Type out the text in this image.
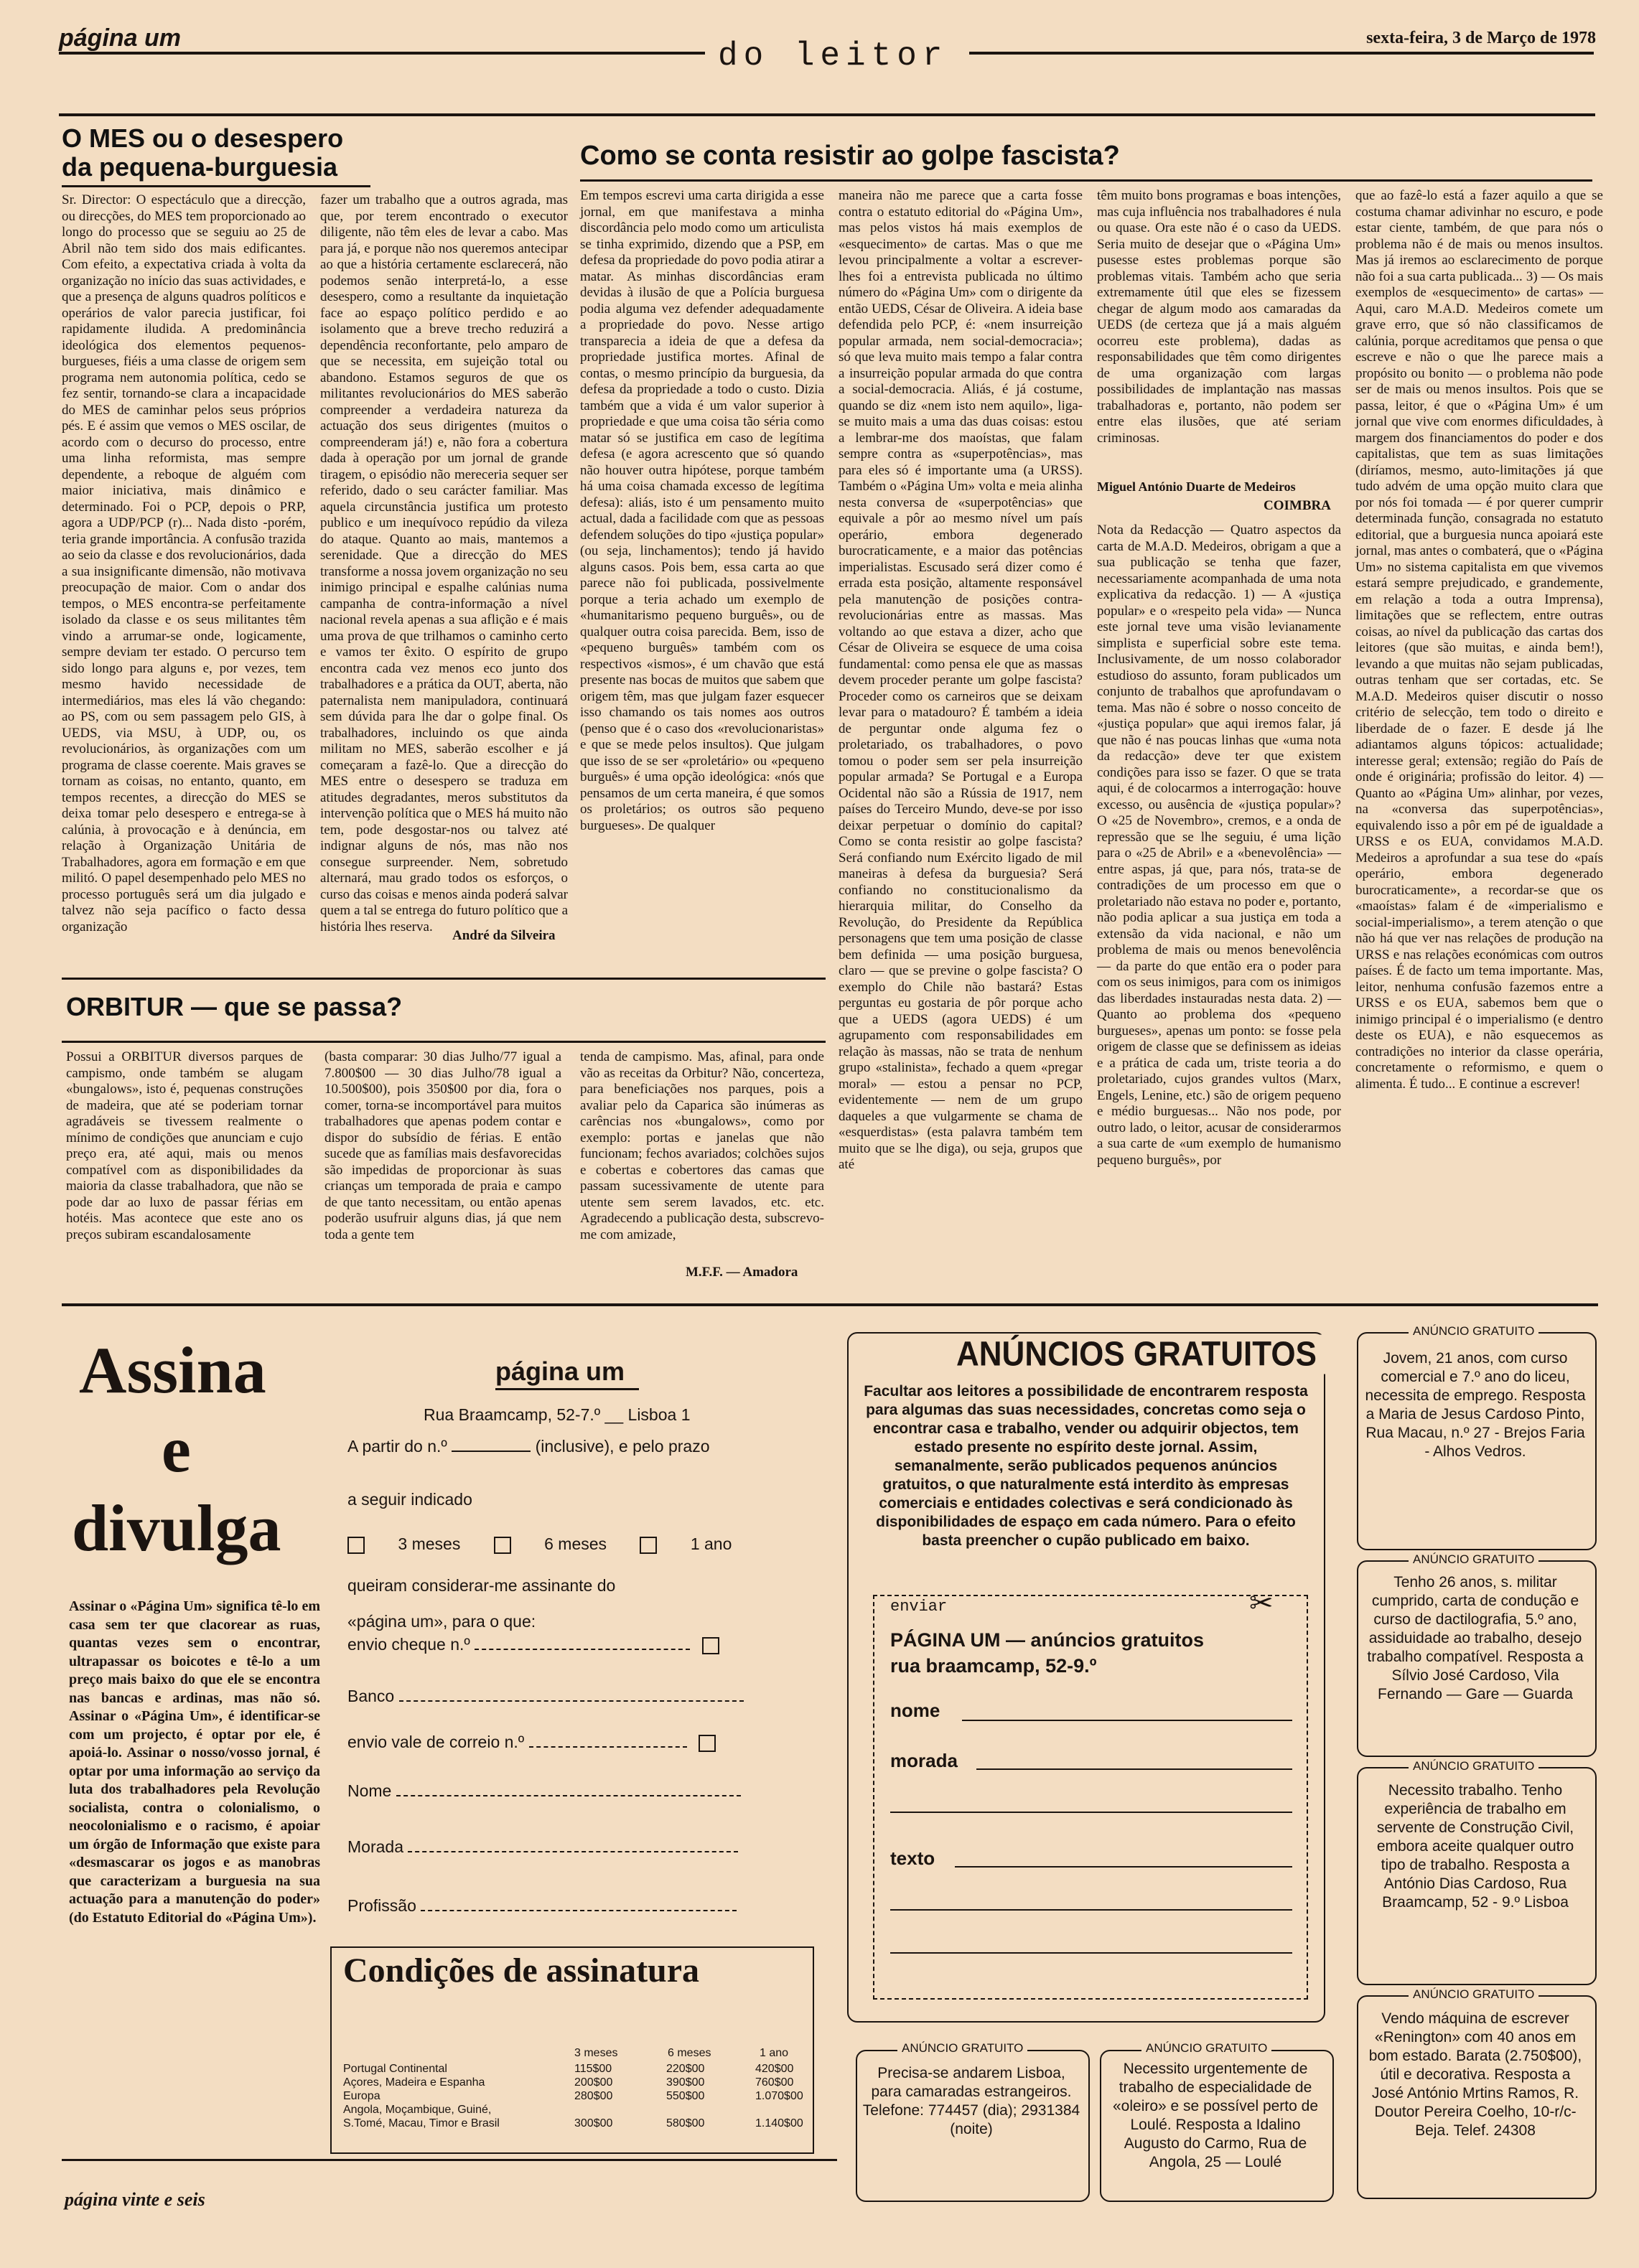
página um	do leitor	sexta-feira, 3 de Março de 1978
O MES ou o desespero
da pequena-burguesia

Sr. Director: O espectáculo que a direcção, ou direcções, do MES tem proporcionado ao longo do processo que se seguiu ao 25 de Abril não tem sido dos mais edificantes. Com efeito, a expectativa criada à volta da organização no início das suas actividades, e que a presença de alguns quadros políticos e operários de valor parecia justificar, foi rapidamente iludida. A predominância ideológica dos elementos pequenos-burgueses, fiéis a uma classe de origem sem programa nem autonomia política, cedo se fez sentir, tornando-se clara a incapacidade do MES de caminhar pelos seus próprios pés. E é assim que vemos o MES oscilar, de acordo com o decurso do processo, entre uma linha reformista, mas sempre dependente, a reboque de alguém com maior iniciativa, mais dinâmico e determinado. Foi o PCP, depois o PRP, agora a UDP/PCP (r)... Nada disto -porém, teria grande importância. A confusão trazida ao seio da classe e dos revolucionários, dada a sua insignificante dimensão, não motivava preocupação de maior. Com o andar dos tempos, o MES encontra-se perfeitamente isolado da classe e os seus militantes têm vindo a arrumar-se onde, logicamente, sempre deviam ter estado. O percurso tem sido longo para alguns e, por vezes, tem mesmo havido necessidade de intermediários, mas eles lá vão chegando: ao PS, com ou sem passagem pelo GIS, à UEDS, via MSU, à UDP, ou, os revolucionários, às organizações com um programa de classe coerente. Mais graves se tornam as coisas, no entanto, quanto, em tempos recentes, a direcção do MES se deixa tomar pelo desespero e entrega-se à calúnia, à provocação e à denúncia, em relação à Organização Unitária de Trabalhadores, agora em formação e em que militó. O papel desempenhado pelo MES no processo português será um dia julgado e talvez não seja pacífico o facto dessa organização

fazer um trabalho que a outros agrada, mas que, por terem encontrado o executor diligente, não têm eles de levar a cabo. Mas para já, e porque não nos queremos antecipar ao que a história certamente esclarecerá, não podemos senão interpretá-lo, a esse desespero, como a resultante da inquietação face ao espaço político perdido e ao isolamento que a breve trecho reduzirá a dependência reconfortante, pelo amparo de que se necessita, em sujeição total ou abandono. Estamos seguros de que os militantes revolucionários do MES saberão compreender a verdadeira natureza da actuação dos seus dirigentes (muitos o compreenderam já!) e, não fora a cobertura dada à operação por um jornal de grande tiragem, o episódio não mereceria sequer ser referido, dado o seu carácter familiar. Mas aquela circunstância justifica um protesto publico e um inequívoco repúdio da vileza do ataque. Quanto ao mais, mantemos a serenidade. Que a direcção do MES transforme a nossa jovem organização no seu inimigo principal e espalhe calúnias numa campanha de contra-informação a nível nacional revela apenas a sua aflição e é mais uma prova de que trilhamos o caminho certo e vamos ter êxito. O espírito de grupo encontra cada vez menos eco junto dos trabalhadores e a prática da OUT, aberta, não paternalista nem manipuladora, continuará sem dúvida para lhe dar o golpe final. Os trabalhadores, incluindo os que ainda militam no MES, saberão escolher e já começaram a fazê-lo. Que a direcção do MES entre o desespero se traduza em atitudes degradantes, meros substitutos da intervenção política que o MES há muito não tem, pode desgostar-nos ou talvez até indignar alguns de nós, mas não nos consegue surpreender. Nem, sobretudo alternará, mau grado todos os esforços, o curso das coisas e menos ainda poderá salvar quem a tal se entrega do futuro político que a história lhes reserva.

André da Silveira
Como se conta resistir ao golpe fascista?

Em tempos escrevi uma carta dirigida a esse jornal, em que manifestava a minha discordância pelo modo como um articulista se tinha exprimido, dizendo que a PSP, em defesa da propriedade do povo podia atirar a matar. As minhas discordâncias eram devidas à ilusão de que a Polícia burguesa podia alguma vez defender adequadamente a propriedade do povo. Nesse artigo transparecia a ideia de que a defesa da propriedade justifica mortes. Afinal de contas, o mesmo princípio da burguesia, da defesa da propriedade a todo o custo. Dizia também que a vida é um valor superior à propriedade e que uma coisa tão séria como matar só se justifica em caso de legítima defesa (e agora acrescento que só quando não houver outra hipótese, porque também há uma coisa chamada excesso de legítima defesa): aliás, isto é um pensamento muito actual, dada a facilidade com que as pessoas defendem soluções do tipo «justiça popular» (ou seja, linchamentos); tendo já havido alguns casos. Pois bem, essa carta ao que parece não foi publicada, possivelmente porque a teria achado um exemplo de «humanitarismo pequeno burguês», ou de qualquer outra coisa parecida. Bem, isso de «pequeno burguês» também com os respectivos «ismos», é um chavão que está presente nas bocas de muitos que sabem que origem têm, mas que julgam fazer esquecer isso chamando os tais nomes aos outros (penso que é o caso dos «revolucionaristas» e que se mede pelos insultos). Que julgam que isso de se ser «proletário» ou «pequeno burguês» é uma opção ideológica: «nós que pensamos de um certa maneira, é que somos os proletários; os outros são pequeno burgueses». De qualquer

maneira não me parece que a carta fosse contra o estatuto editorial do «Página Um», mas pelos vistos há mais exemplos de «esquecimento» de cartas. Mas o que me levou principalmente a voltar a escrever-lhes foi a entrevista publicada no último número do «Página Um» com o dirigente da então UEDS, César de Oliveira. A ideia base defendida pelo PCP, é: «nem insurreição popular armada, nem social-democracia»; só que leva muito mais tempo a falar contra a insurreição popular armada do que contra a social-democracia. Aliás, é já costume, quando se diz «nem isto nem aquilo», liga-se muito mais a uma das duas coisas: estou a lembrar-me dos maoístas, que falam sempre contra as «superpotências», mas para eles só é importante uma (a URSS). Também o «Página Um» volta e meia alinha nesta conversa de «superpotências» que equivale a pôr ao mesmo nível um país operário, embora degenerado burocraticamente, e a maior das potências imperialistas. Escusado será dizer como é errada esta posição, altamente responsável pela manutenção de posições contra-revolucionárias entre as massas. Mas voltando ao que estava a dizer, acho que César de Oliveira se esquece de uma coisa fundamental: como pensa ele que as massas devem proceder perante um golpe fascista? Proceder como os carneiros que se deixam levar para o matadouro? É também a ideia de perguntar onde alguma fez o proletariado, os trabalhadores, o povo tomou o poder sem ser pela insurreição popular armada? Se Portugal e a Europa Ocidental não são a Rússia de 1917, nem países do Terceiro Mundo, deve-se por isso deixar perpetuar o domínio do capital? Como se conta resistir ao golpe fascista? Será confiando num Exército ligado de mil maneiras à defesa da burguesia? Será confiando no constitucionalismo da hierarquia militar, do Conselho da Revolução, do Presidente da República personagens que tem uma posição de classe bem definida — uma posição burguesa, claro — que se previne o golpe fascista? O exemplo do Chile não bastará? Estas perguntas eu gostaria de pôr porque acho que a UEDS (agora UEDS) é um agrupamento com responsabilidades em relação às massas, não se trata de nenhum grupo «stalinista», fechado a quem «pregar moral» — estou a pensar no PCP, evidentemente — nem de um grupo daqueles a que vulgarmente se chama de «esquerdistas» (esta palavra também tem muito que se lhe diga), ou seja, grupos que até

têm muito bons programas e boas intenções, mas cuja influência nos trabalhadores é nula ou quase. Ora este não é o caso da UEDS. Seria muito de desejar que o «Página Um» pusesse estes problemas porque são problemas vitais. Também acho que seria extremamente útil que eles se fizessem chegar de algum modo aos camaradas da UEDS (de certeza que já a mais alguém ocorreu este problema), dadas as responsabilidades que têm como dirigentes de uma organização com largas possibilidades de implantação nas massas trabalhadoras e, portanto, não podem ser entre elas ilusões, que até seriam criminosas.

Miguel António Duarte de Medeiros
COIMBRA

Nota da Redacção — Quatro aspectos da carta de M.A.D. Medeiros, obrigam a que a sua publicação se tenha que fazer, necessariamente acompanhada de uma nota explicativa da redacção. 1) — A «justiça popular» e o «respeito pela vida» — Nunca este jornal teve uma visão levianamente simplista e superficial sobre este tema. Inclusivamente, de um nosso colaborador estudioso do assunto, foram publicados um conjunto de trabalhos que aprofundavam o tema. Mas não é sobre o nosso conceito de «justiça popular» que aqui iremos falar, já que não é nas poucas linhas que «uma nota da redacção» deve ter que existem condições para isso se fazer. O que se trata aqui, é de colocarmos a interrogação: houve excesso, ou ausência de «justiça popular»? O «25 de Novembro», cremos, e a onda de repressão que se lhe seguiu, é uma lição para o «25 de Abril» e a «benevolência» — entre aspas, já que, para nós, trata-se de contradições de um processo em que o proletariado não estava no poder e, portanto, não podia aplicar a sua justiça em toda a extensão da vida nacional, e não um problema de mais ou menos benevolência — da parte do que então era o poder para com os seus inimigos, para com os inimigos das liberdades instauradas nesta data. 2) — Quanto ao problema dos «pequeno burgueses», apenas um ponto: se fosse pela origem de classe que se definissem as ideias e a prática de cada um, triste teoria a do proletariado, cujos grandes vultos (Marx, Engels, Lenine, etc.) são de origem pequeno e médio burguesas... Não nos pode, por outro lado, o leitor, acusar de considerarmos a sua carte de «um exemplo de humanismo pequeno burguês», por

que ao fazê-lo está a fazer aquilo a que se costuma chamar adivinhar no escuro, e pode estar ciente, também, de que para nós o problema não é de mais ou menos insultos. Mas já iremos ao esclarecimento de porque não foi a sua carta publicada... 3) — Os mais exemplos de «esquecimento» de cartas» — Aqui, caro M.A.D. Medeiros comete um grave erro, que só não classificamos de calúnia, porque acreditamos que pensa o que escreve e não o que lhe parece mais a propósito ou bonito — o problema não pode ser de mais ou menos insultos. Pois que se passa, leitor, é que o «Página Um» é um jornal que vive com enormes dificuldades, à margem dos financiamentos do poder e dos capitalistas, que tem as suas limitações (diríamos, mesmo, auto-limitações já que tudo advém de uma opção muito clara que por nós foi tomada — é por querer cumprir determinada função, consagrada no estatuto editorial, que a burguesia nunca apoiará este jornal, mas antes o combaterá, que o «Página Um» no sistema capitalista em que vivemos estará sempre prejudicado, e grandemente, em relação a toda a outra Imprensa), limitações que se reflectem, entre outras coisas, ao nível da publicação das cartas dos leitores (que são muitas, e ainda bem!), levando a que muitas não sejam publicadas, outras tenham que ser cortadas, etc. Se M.A.D. Medeiros quiser discutir o nosso critério de selecção, tem todo o direito e liberdade de o fazer. E desde já lhe adiantamos alguns tópicos: actualidade; interesse geral; extensão; região do País de onde é originária; profissão do leitor. 4) — Quanto ao «Página Um» alinhar, por vezes, na «conversa das superpotências», equivalendo isso a pôr em pé de igualdade a URSS e os EUA, convidamos M.A.D. Medeiros a aprofundar a sua tese do «país operário, embora degenerado burocraticamente», a recordar-se que os «maoístas» falam é de «imperialismo e social-imperialismo», a terem atenção o que não há que ver nas relações de produção na URSS e nas relações económicas com outros países. É de facto um tema importante. Mas, leitor, nenhuma confusão fazemos entre a URSS e os EUA, sabemos bem que o inimigo principal é o imperialismo (e dentro deste os EUA), e não esquecemos as contradições no interior da classe operária, concretamente o reformismo, e quem o alimenta. É tudo... E continue a escrever!

ORBITUR — que se passa?

Possui a ORBITUR diversos parques de campismo, onde também se alugam «bungalows», isto é, pequenas construções de madeira, que até se poderiam tornar agradáveis se tivessem realmente o mínimo de condições que anunciam e cujo preço era, até aqui, mais ou menos compatível com as disponibilidades da maioria da classe trabalhadora, que não se pode dar ao luxo de passar férias em hotéis. Mas acontece que este ano os preços subiram escandalosamente

(basta comparar: 30 dias Julho/77 igual a 7.800$00 — 30 dias Julho/78 igual a 10.500$00), pois 350$00 por dia, fora o comer, torna-se incomportável para muitos trabalhadores que apenas podem contar e dispor do subsídio de férias. E então sucede que as famílias mais desfavorecidas são impedidas de proporcionar às suas crianças um temporada de praia e campo de que tanto necessitam, ou então apenas poderão usufruir alguns dias, já que nem toda a gente tem

tenda de campismo. Mas, afinal, para onde vão as receitas da Orbitur? Não, concerteza, para beneficiações nos parques, pois a avaliar pelo da Caparica são inúmeras as carências nos «bungalows», como por exemplo: portas e janelas que não funcionam; fechos avariados; colchões sujos e cobertas e cobertores das camas que passam sucessivamente de utente para utente sem serem lavados, etc. etc. Agradecendo a publicação desta, subscrevo-me com amizade,

M.F.F. — Amadora
Assina
e
divulga

Assinar o «Página Um» significa tê-lo em casa sem ter que clacorear as ruas, quantas vezes sem o encontrar, ultrapassar os boicotes e tê-lo a um preço mais baixo do que ele se encontra nas bancas e ardinas, mas não só. Assinar o «Página Um», é identificar-se com um projecto, é optar por ele, é apoiá-lo. Assinar o nosso/vosso jornal, é optar por uma informação ao serviço da luta dos trabalhadores pela Revolução socialista, contra o colonialismo, o neocolonialismo e o racismo, é apoiar um órgão de Informação que existe para «desmascarar os jogos e as manobras que caracterizam a burguesia na sua actuação para a manutenção do poder» (do Estatuto Editorial do «Página Um»).

página um
Rua Braamcamp, 52-7.º __ Lisboa 1
A partir do n.º	(inclusive), e pelo prazo
a seguir indicado
3 meses	6 meses	1 ano
queiram considerar-me assinante do
«página um», para o que:
envio cheque n.º
Banco
envio vale de correio n.º
Nome
Morada
Profissão
Condições de assinatura
3 meses	6 meses	1 ano
Portugal Continental	115$00	220$00	420$00
Açores, Madeira e Espanha	200$00	390$00	760$00
Europa	280$00	550$00	1.070$00
Angola, Moçambique, Guiné,
S.Tomé, Macau, Timor e Brasil	300$00	580$00	1.140$00
ANÚNCIOS GRATUITOS

Facultar aos leitores a possibilidade de encontrarem resposta para algumas das suas necessidades, concretas como seja o encontrar casa e trabalho, vender ou adquirir objectos, tem estado presente no espírito deste jornal. Assim, semanalmente, serão publicados pequenos anúncios gratuitos, o que naturalmente está interdito às empresas comerciais e entidades colectivas e será condicionado às disponibilidades de espaço em cada número. Para o efeito basta preencher o cupão publicado em baixo.

enviar	✂
PÁGINA UM — anúncios gratuitos
rua braamcamp, 52-9.º
nome
morada
texto
ANÚNCIO GRATUITO

Precisa-se andarem Lisboa, para camaradas estrangeiros. Telefone: 774457 (dia); 2931384 (noite)

ANÚNCIO GRATUITO

Necessito urgentemente de trabalho de especialidade de «oleiro» e se possível perto de Loulé. Resposta a Idalino Augusto do Carmo, Rua de Angola, 25 — Loulé

ANÚNCIO GRATUITO

Jovem, 21 anos, com curso comercial e 7.º ano do liceu, necessita de emprego. Resposta a Maria de Jesus Cardoso Pinto, Rua Macau, n.º 27 - Brejos Faria - Alhos Vedros.

ANÚNCIO GRATUITO

Tenho 26 anos, s. militar cumprido, carta de condução e curso de dactilografia, 5.º ano, assiduidade ao trabalho, desejo trabalho compatível. Resposta a Sílvio José Cardoso, Vila Fernando — Gare — Guarda

ANÚNCIO GRATUITO

Necessito trabalho. Tenho experiência de trabalho em servente de Construção Civil, embora aceite qualquer outro tipo de trabalho. Resposta a António Dias Cardoso, Rua Braamcamp, 52 - 9.º Lisboa

ANÚNCIO GRATUITO

Vendo máquina de escrever «Renington» com 40 anos em bom estado. Barata (2.750$00), útil e decorativa. Resposta a José António Mrtins Ramos, R. Doutor Pereira Coelho, 10-r/c-Beja. Telef. 24308

página vinte e seis
